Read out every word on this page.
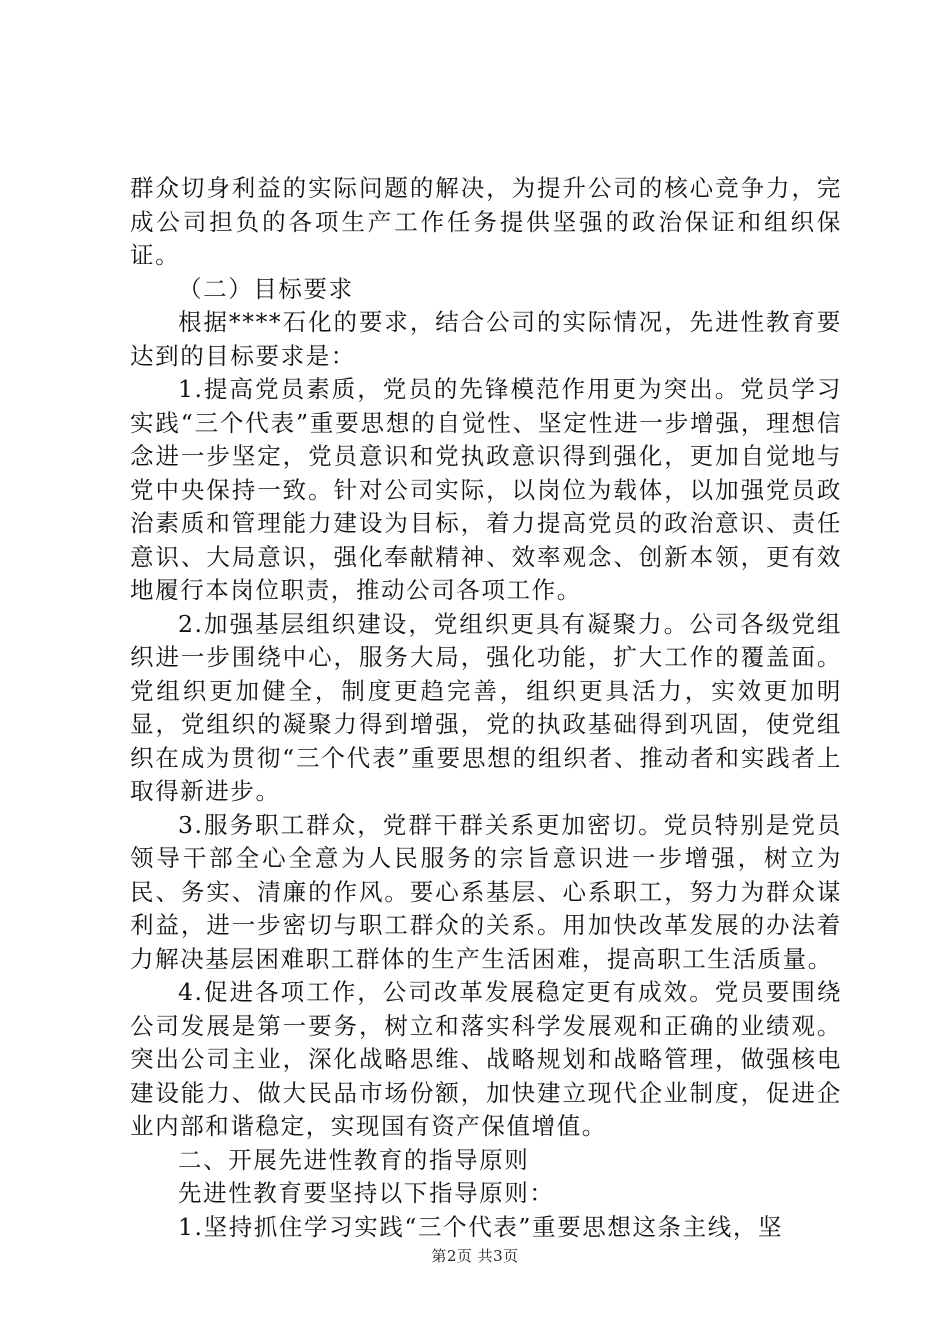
群众切身利益的实际问题的解决，为提升公司的核心竞争力，完成公司担负的各项生产工作任务提供坚强的政治保证和组织保证。

（二）目标要求

根据****石化的要求，结合公司的实际情况，先进性教育要达到的目标要求是：

1.提高党员素质，党员的先锋模范作用更为突出。党员学习实践“三个代表”重要思想的自觉性、坚定性进一步增强，理想信念进一步坚定，党员意识和党执政意识得到强化，更加自觉地与党中央保持一致。针对公司实际，以岗位为载体，以加强党员政治素质和管理能力建设为目标，着力提高党员的政治意识、责任意识、大局意识，强化奉献精神、效率观念、创新本领，更有效地履行本岗位职责，推动公司各项工作。

2.加强基层组织建设，党组织更具有凝聚力。公司各级党组织进一步围绕中心，服务大局，强化功能，扩大工作的覆盖面。党组织更加健全，制度更趋完善，组织更具活力，实效更加明显，党组织的凝聚力得到增强，党的执政基础得到巩固，使党组织在成为贯彻“三个代表”重要思想的组织者、推动者和实践者上取得新进步。

3.服务职工群众，党群干群关系更加密切。党员特别是党员领导干部全心全意为人民服务的宗旨意识进一步增强，树立为民、务实、清廉的作风。要心系基层、心系职工，努力为群众谋利益，进一步密切与职工群众的关系。用加快改革发展的办法着力解决基层困难职工群体的生产生活困难，提高职工生活质量。

4.促进各项工作，公司改革发展稳定更有成效。党员要围绕公司发展是第一要务，树立和落实科学发展观和正确的业绩观。突出公司主业，深化战略思维、战略规划和战略管理，做强核电建设能力、做大民品市场份额，加快建立现代企业制度，促进企业内部和谐稳定，实现国有资产保值增值。

二、开展先进性教育的指导原则

先进性教育要坚持以下指导原则：

1.坚持抓住学习实践“三个代表”重要思想这条主线，坚

第2页 共3页
